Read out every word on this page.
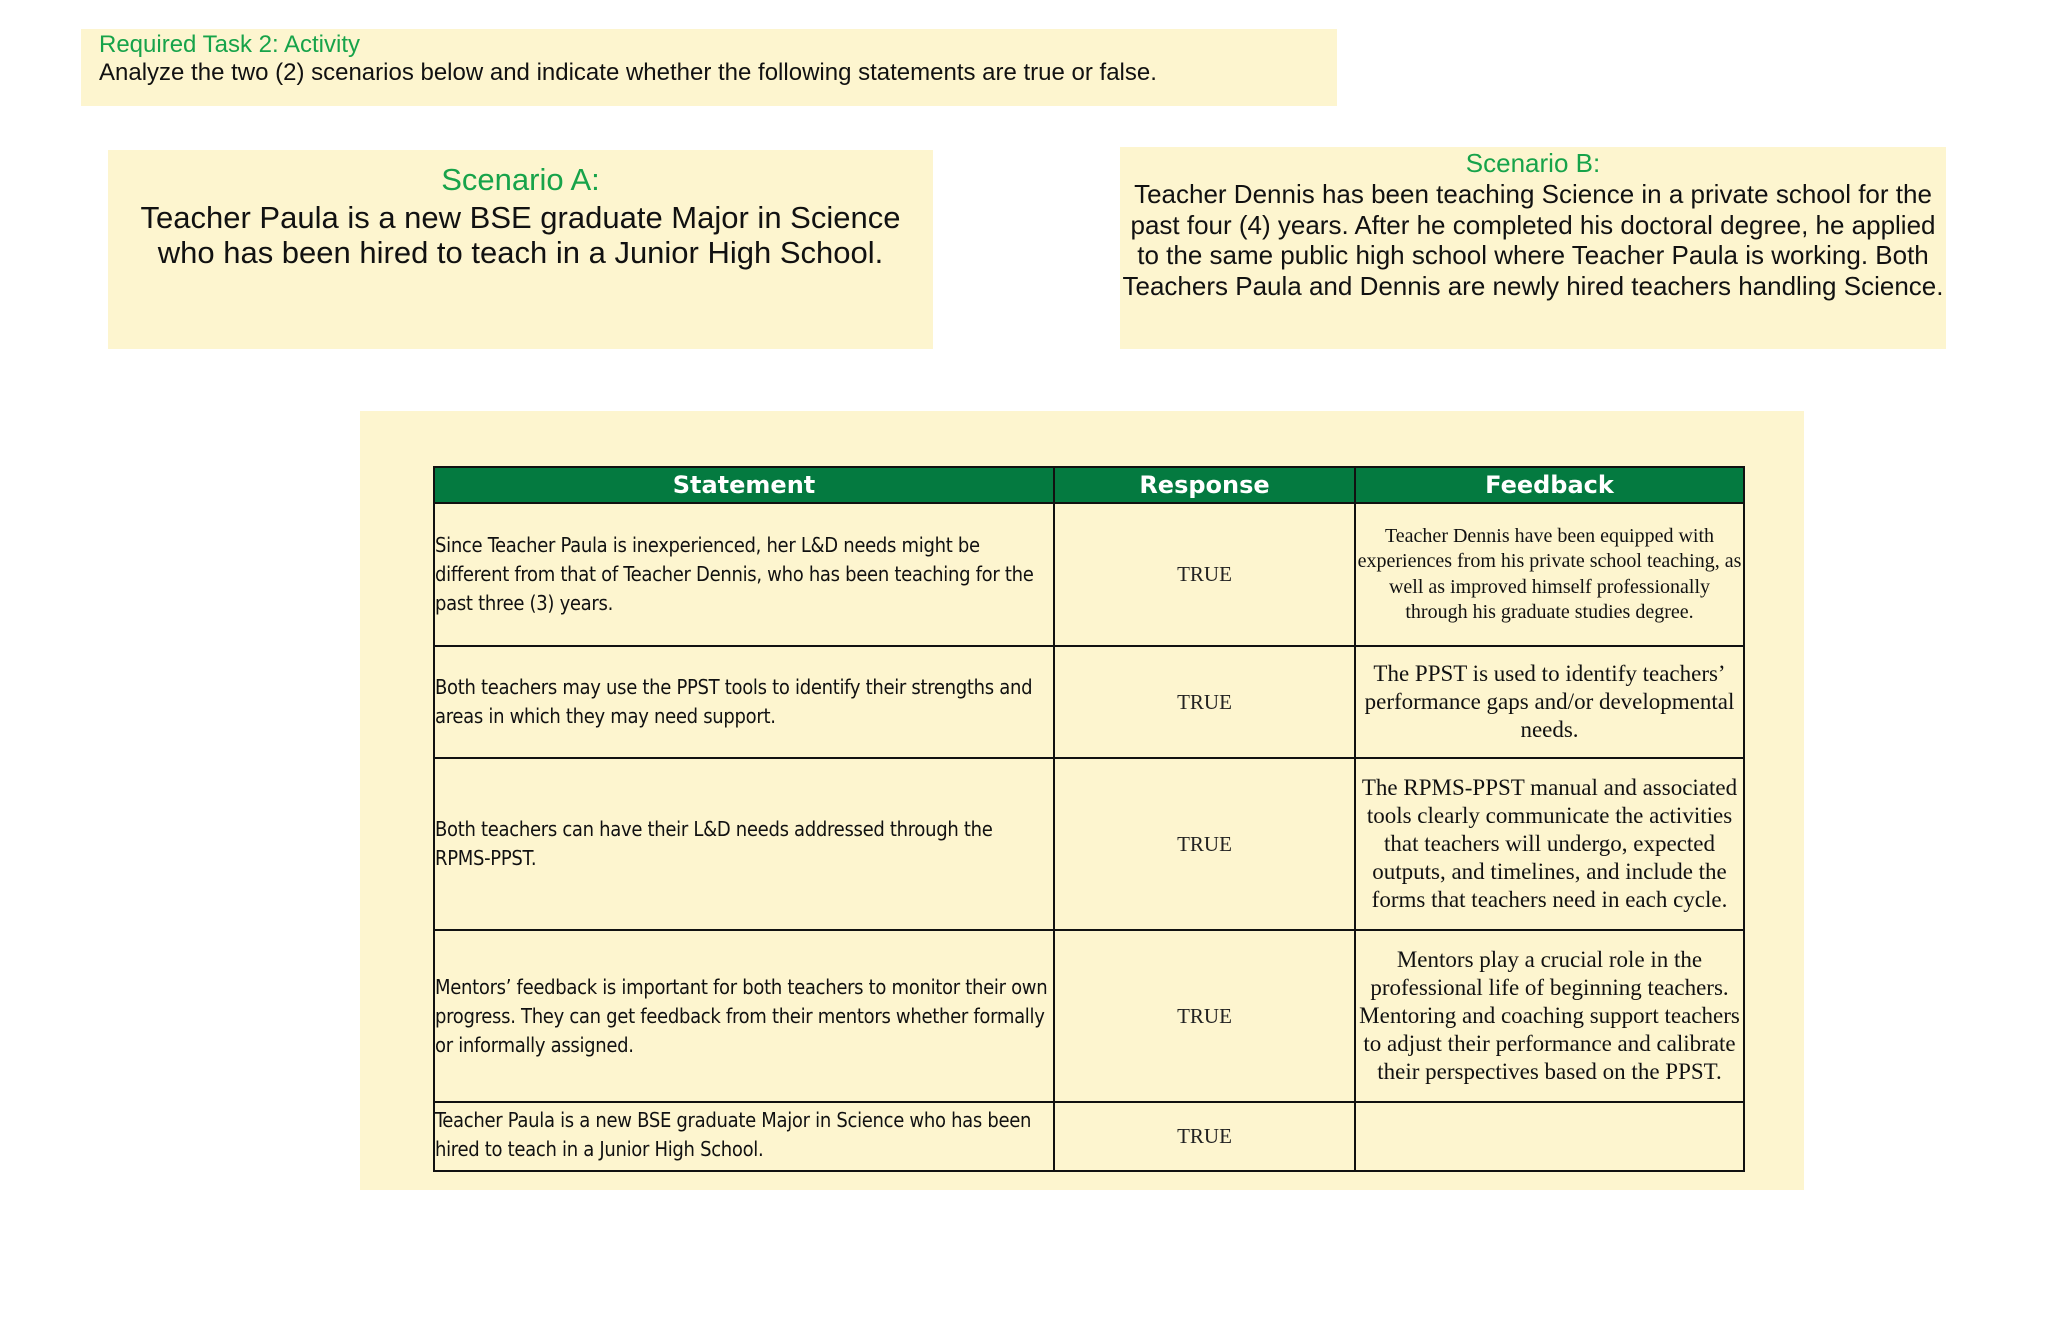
Required Task 2: Activity
Analyze the two (2) scenarios below and indicate whether the following statements are true or false.
Scenario A:
Teacher Paula is a new BSE graduate Major in Science who has been hired to teach in a Junior High School.
Scenario B:
Teacher Dennis has been teaching Science in a private school for the past four (4) years. After he completed his doctoral degree, he applied to the same public high school where Teacher Paula is working. Both Teachers Paula and Dennis are newly hired teachers handling Science.
Statement	Response	Feedback
Since Teacher Paula is inexperienced, her L&D needs might be different from that of Teacher Dennis, who has been teaching for the past three (3) years.	TRUE	Teacher Dennis have been equipped with experiences from his private school teaching, as well as improved himself professionally through his graduate studies degree.
Both teachers may use the PPST tools to identify their strengths and areas in which they may need support.	TRUE	The PPST is used to identify teachers’ performance gaps and/or developmental needs.
Both teachers can have their L&D needs addressed through the RPMS-PPST.	TRUE	The RPMS-PPST manual and associated tools clearly communicate the activities that teachers will undergo, expected outputs, and timelines, and include the forms that teachers need in each cycle.
Mentors’ feedback is important for both teachers to monitor their own progress. They can get feedback from their mentors whether formally or informally assigned.	TRUE	Mentors play a crucial role in the professional life of beginning teachers. Mentoring and coaching support teachers to adjust their performance and calibrate their perspectives based on the PPST.
Teacher Paula is a new BSE graduate Major in Science who has been hired to teach in a Junior High School.	TRUE	
